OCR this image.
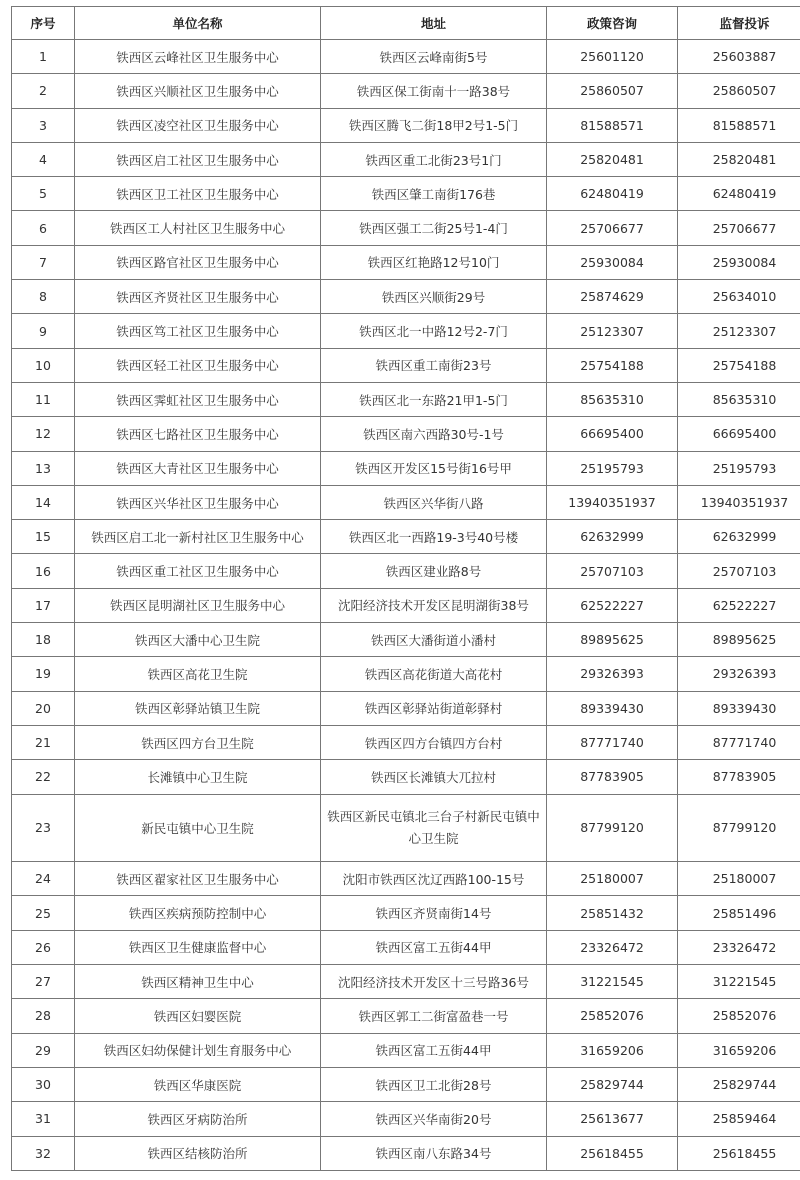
序号	单位名称	地址	政策咨询	监督投诉
1	铁西区云峰社区卫生服务中心	铁西区云峰南街5号	25601120	25603887
2	铁西区兴顺社区卫生服务中心	铁西区保工街南十一路38号	25860507	25860507
3	铁西区凌空社区卫生服务中心	铁西区腾飞二街18甲2号1-5门	81588571	81588571
4	铁西区启工社区卫生服务中心	铁西区重工北街23号1门	25820481	25820481
5	铁西区卫工社区卫生服务中心	铁西区肇工南街176巷	62480419	62480419
6	铁西区工人村社区卫生服务中心	铁西区强工二街25号1-4门	25706677	25706677
7	铁西区路官社区卫生服务中心	铁西区红艳路12号10门	25930084	25930084
8	铁西区齐贤社区卫生服务中心	铁西区兴顺街29号	25874629	25634010
9	铁西区笃工社区卫生服务中心	铁西区北一中路12号2-7门	25123307	25123307
10	铁西区轻工社区卫生服务中心	铁西区重工南街23号	25754188	25754188
11	铁西区霁虹社区卫生服务中心	铁西区北一东路21甲1-5门	85635310	85635310
12	铁西区七路社区卫生服务中心	铁西区南六西路30号-1号	66695400	66695400
13	铁西区大青社区卫生服务中心	铁西区开发区15号街16号甲	25195793	25195793
14	铁西区兴华社区卫生服务中心	铁西区兴华街八路	13940351937	13940351937
15	铁西区启工北一新村社区卫生服务中心	铁西区北一西路19-3号40号楼	62632999	62632999
16	铁西区重工社区卫生服务中心	铁西区建业路8号	25707103	25707103
17	铁西区昆明湖社区卫生服务中心	沈阳经济技术开发区昆明湖街38号	62522227	62522227
18	铁西区大潘中心卫生院	铁西区大潘街道小潘村	89895625	89895625
19	铁西区高花卫生院	铁西区高花街道大高花村	29326393	29326393
20	铁西区彰驿站镇卫生院	铁西区彰驿站街道彰驿村	89339430	89339430
21	铁西区四方台卫生院	铁西区四方台镇四方台村	87771740	87771740
22	长滩镇中心卫生院	铁西区长滩镇大兀拉村	87783905	87783905
23	新民屯镇中心卫生院	铁西区新民屯镇北三台子村新民屯镇中心卫生院	87799120	87799120
24	铁西区翟家社区卫生服务中心	沈阳市铁西区沈辽西路100-15号	25180007	25180007
25	铁西区疾病预防控制中心	铁西区齐贤南街14号	25851432	25851496
26	铁西区卫生健康监督中心	铁西区富工五街44甲	23326472	23326472
27	铁西区精神卫生中心	沈阳经济技术开发区十三号路36号	31221545	31221545
28	铁西区妇婴医院	铁西区郭工二街富盈巷一号	25852076	25852076
29	铁西区妇幼保健计划生育服务中心	铁西区富工五街44甲	31659206	31659206
30	铁西区华康医院	铁西区卫工北街28号	25829744	25829744
31	铁西区牙病防治所	铁西区兴华南街20号	25613677	25859464
32	铁西区结核防治所	铁西区南八东路34号	25618455	25618455
